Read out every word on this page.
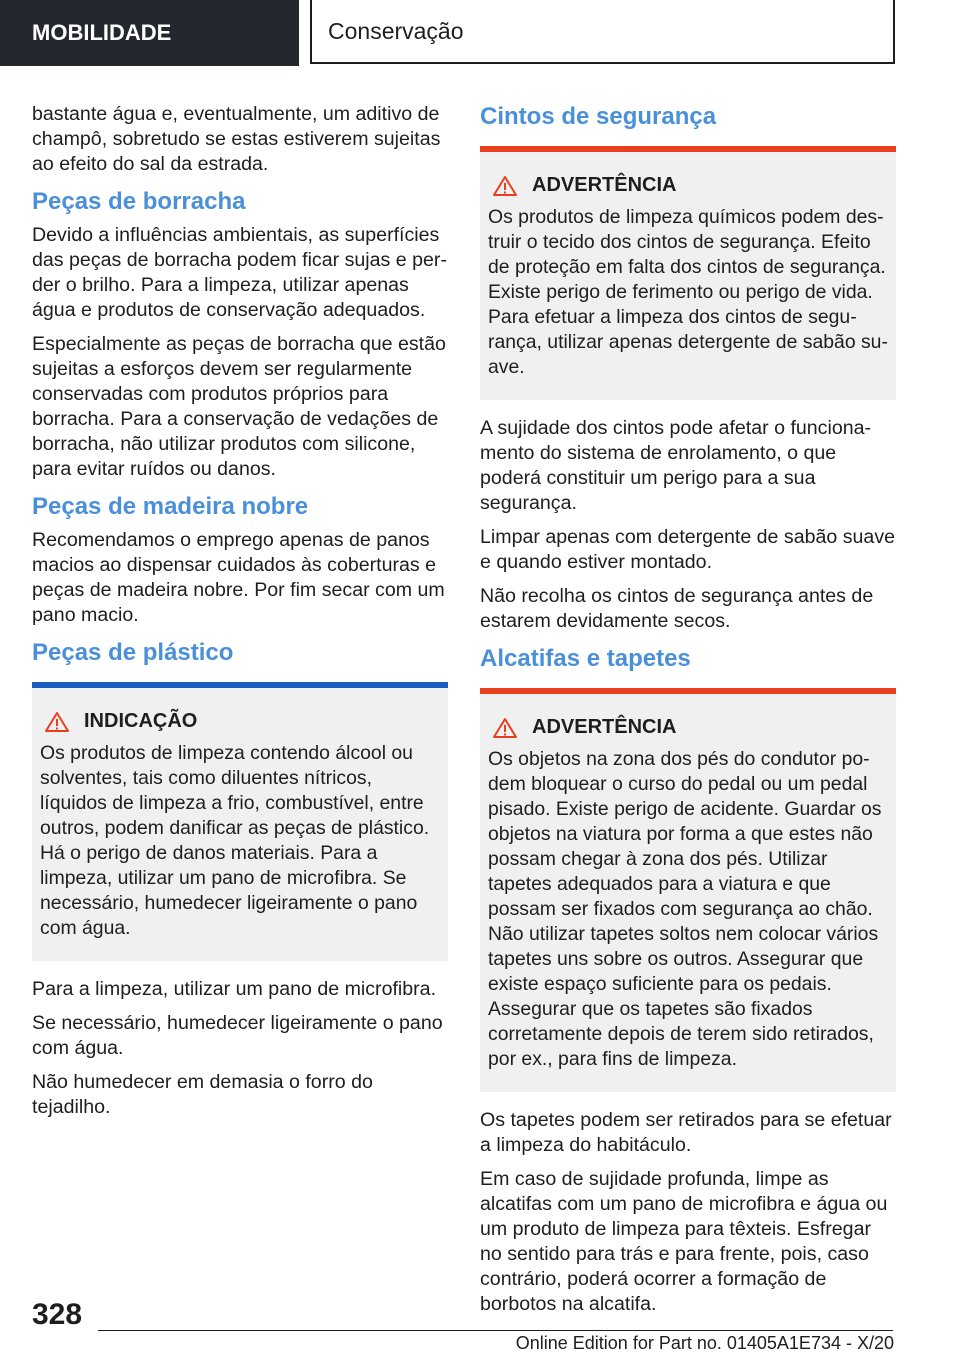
MOBILIDADE	Conservação

bastante água e, eventualmente, um aditivo de champô, sobretudo se estas estiverem sujeitas ao efeito do sal da estrada.

Peças de borracha

Devido a influências ambientais, as superfícies das peças de borracha podem ficar sujas e perder o brilho. Para a limpeza, utilizar apenas água e produtos de conservação adequados.

Especialmente as peças de borracha que estão sujeitas a esforços devem ser regularmente conservadas com produtos próprios para borracha. Para a conservação de vedações de borracha, não utilizar produtos com silicone, para evitar ruídos ou danos.

Peças de madeira nobre

Recomendamos o emprego apenas de panos macios ao dispensar cuidados às coberturas e peças de madeira nobre. Por fim secar com um pano macio.

Peças de plástico
INDICAÇÃO

Os produtos de limpeza contendo álcool ou solventes, tais como diluentes nítricos, líquidos de limpeza a frio, combustível, entre outros, podem danificar as peças de plástico. Há o perigo de danos materiais. Para a limpeza, utilizar um pano de microfibra. Se necessário, humedecer ligeiramente o pano com água.

Para a limpeza, utilizar um pano de microfibra.

Se necessário, humedecer ligeiramente o pano com água.

Não humedecer em demasia o forro do tejadilho.

Cintos de segurança
ADVERTÊNCIA

Os produtos de limpeza químicos podem destruir o tecido dos cintos de segurança. Efeito de proteção em falta dos cintos de segurança. Existe perigo de ferimento ou perigo de vida. Para efetuar a limpeza dos cintos de segurança, utilizar apenas detergente de sabão suave.

A sujidade dos cintos pode afetar o funcionamento do sistema de enrolamento, o que poderá constituir um perigo para a sua segurança.

Limpar apenas com detergente de sabão suave e quando estiver montado.

Não recolha os cintos de segurança antes de estarem devidamente secos.

Alcatifas e tapetes
ADVERTÊNCIA

Os objetos na zona dos pés do condutor podem bloquear o curso do pedal ou um pedal pisado. Existe perigo de acidente. Guardar os objetos na viatura por forma a que estes não possam chegar à zona dos pés. Utilizar tapetes adequados para a viatura e que possam ser fixados com segurança ao chão. Não utilizar tapetes soltos nem colocar vários tapetes uns sobre os outros. Assegurar que existe espaço suficiente para os pedais. Assegurar que os tapetes são fixados corretamente depois de terem sido retirados, por ex., para fins de limpeza.

Os tapetes podem ser retirados para se efetuar a limpeza do habitáculo.

Em caso de sujidade profunda, limpe as alcatifas com um pano de microfibra e água ou um produto de limpeza para têxteis. Esfregar no sentido para trás e para frente, pois, caso contrário, poderá ocorrer a formação de borbotos na alcatifa.

328
Online Edition for Part no. 01405A1E734 - X/20
